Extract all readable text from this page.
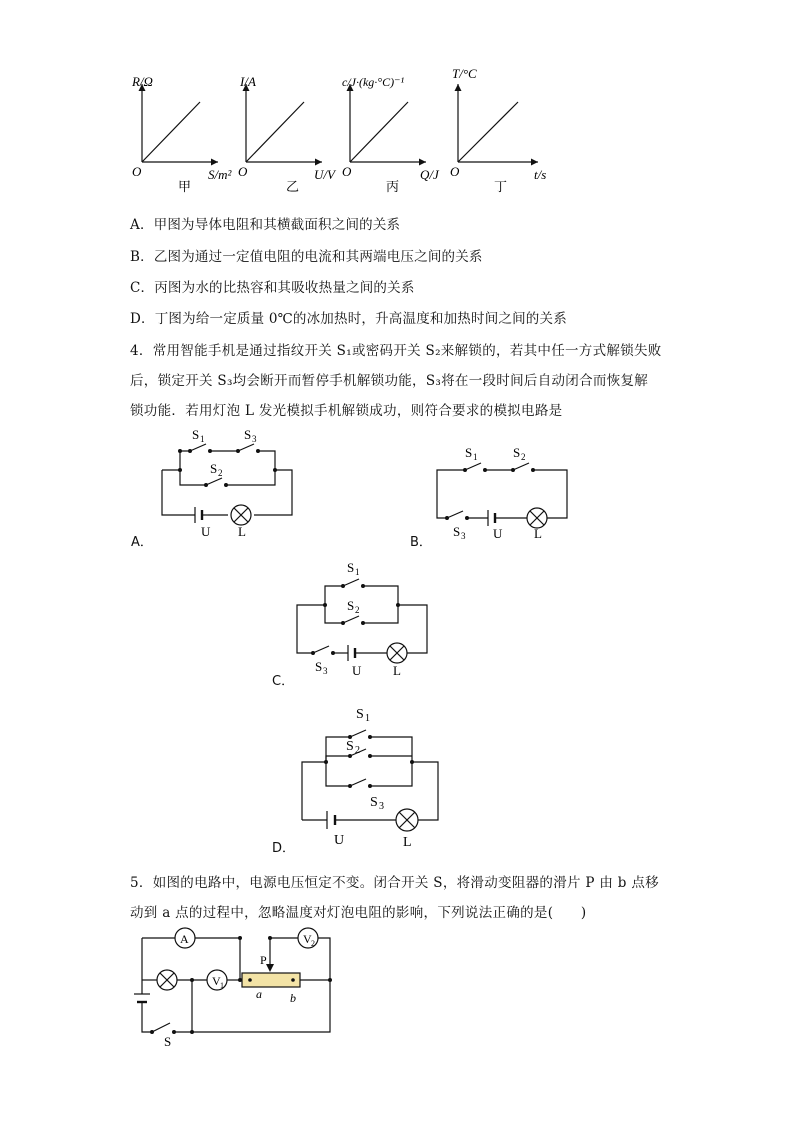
R/Ω
O	S/m²
甲
I/A
O	U/V
乙
c/J·(kg·°C)⁻¹
O	Q/J
丙
T/°C
O	t/s
丁
A．甲图为导体电阻和其横截面积之间的关系
B．乙图为通过一定值电阻的电流和其两端电压之间的关系
C．丙图为水的比热容和其吸收热量之间的关系
D．丁图为给一定质量 0℃的冰加热时，升高温度和加热时间之间的关系
4．常用智能手机是通过指纹开关 S₁或密码开关 S₂来解锁的，若其中任一方式解锁失败
后，锁定开关 S₃均会断开而暂停手机解锁功能，S₃将在一段时间后自动闭合而恢复解
锁功能．若用灯泡 L 发光模拟手机解锁成功，则符合要求的模拟电路是
S 1	S 3
S 2
U L
A．
S 1	S 2
S 3 U L
B．
S 1
S 2
S 3 U L
C．
S 1
S 2
S 3
U	L
D．
5．如图的电路中，电源电压恒定不变。闭合开关 S，将滑动变阻器的滑片 P 由 b 点移
动到 a 点的过程中，忽略温度对灯泡电阻的影响，下列说法正确的是(　　)
A
V 1
V 2
P
a b
S
